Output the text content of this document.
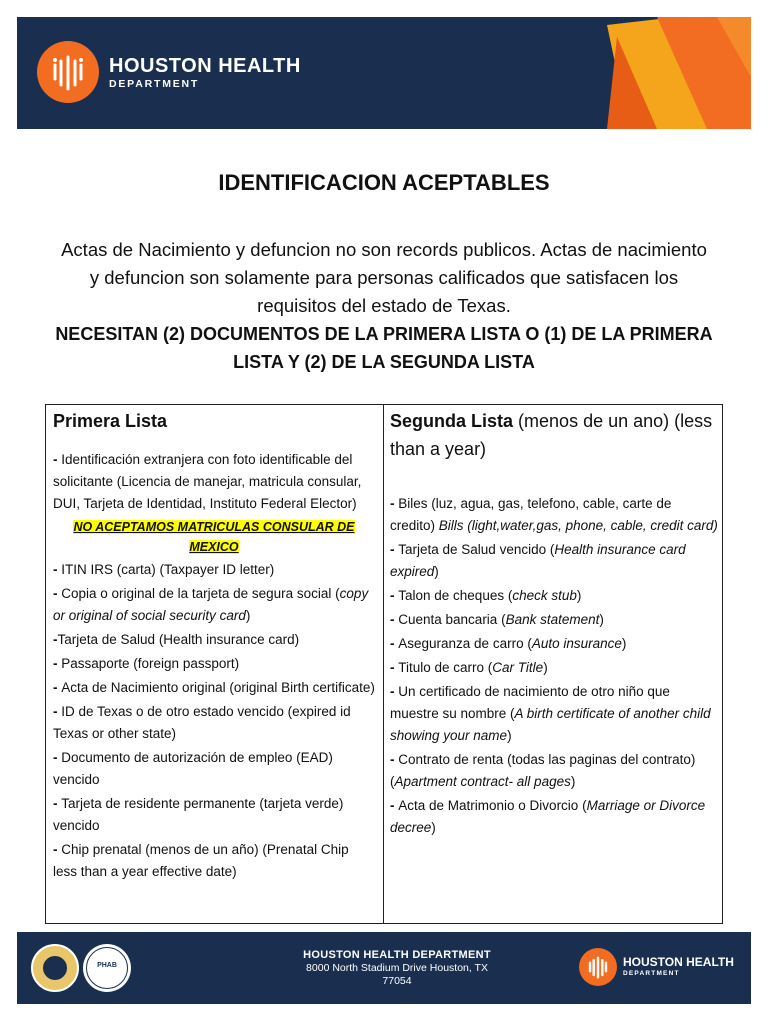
HOUSTON HEALTH
DEPARTMENT
IDENTIFICACION ACEPTABLES
Actas de Nacimiento y defuncion no son records publicos. Actas de nacimiento y defuncion son solamente para personas calificados que satisfacen los requisitos del estado de Texas.
NECESITAN (2) DOCUMENTOS DE LA PRIMERA LISTA O (1) DE LA PRIMERA LISTA Y (2) DE LA SEGUNDA LISTA
Primera Lista
- Identificación extranjera con foto identificable del solicitante (Licencia de manejar, matricula consular, DUI, Tarjeta de Identidad, Instituto Federal Elector)
NO ACEPTAMOS MATRICULAS CONSULAR DE MEXICO
- ITIN IRS (carta) (Taxpayer ID letter)
- Copia o original de la tarjeta de segura social (copy or original of social security card)
-Tarjeta de Salud (Health insurance card)
- Passaporte (foreign passport)
- Acta de Nacimiento original (original Birth certificate)
- ID de Texas o de otro estado vencido (expired id Texas or other state)
- Documento de autorización de empleo (EAD) vencido
- Tarjeta de residente permanente (tarjeta verde) vencido
- Chip prenatal (menos de un año) (Prenatal Chip less than a year effective date)
Segunda Lista (menos de un ano) (less than a year)
- Biles (luz, agua, gas, telefono, cable, carte de credito) Bills (light,water,gas, phone, cable, credit card)
- Tarjeta de Salud vencido (Health insurance card expired)
- Talon de cheques (check stub)
- Cuenta bancaria (Bank statement)
- Aseguranza de carro (Auto insurance)
- Titulo de carro (Car Title)
- Un certificado de nacimiento de otro niño que muestre su nombre (A birth certificate of another child showing your name)
- Contrato de renta (todas las paginas del contrato) (Apartment contract- all pages)
- Acta de Matrimonio o Divorcio (Marriage or Divorce decree)
PHAB
HOUSTON HEALTH DEPARTMENT
8000 North Stadium Drive Houston, TX 77054
HOUSTON HEALTH
DEPARTMENT
